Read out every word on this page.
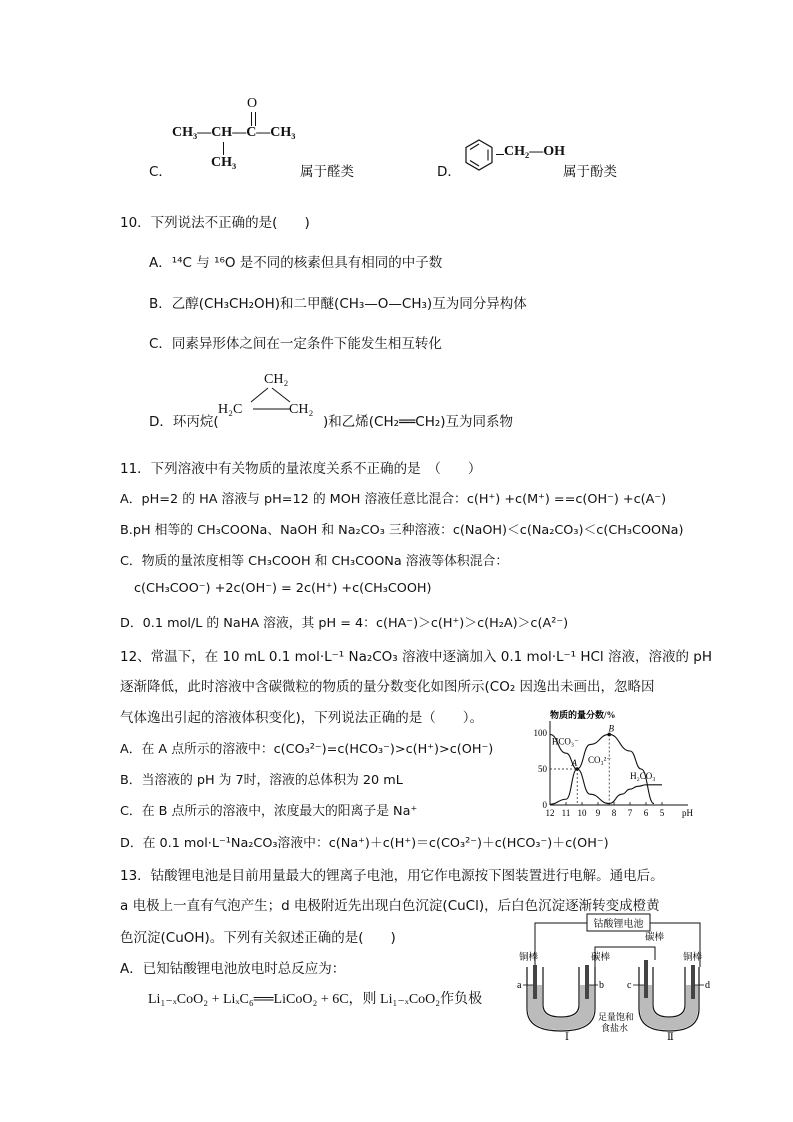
O
CH₃—CH—C—CH₃
CH₃
C．	属于醛类	D．
CH₂—OH
属于酚类
10．下列说法不正确的是(　　)
A．¹⁴C 与 ¹⁶O 是不同的核素但具有相同的中子数
B．乙醇(CH₃CH₂OH)和二甲醚(CH₃—O—CH₃)互为同分异构体
C．同素异形体之间在一定条件下能发生相互转化
D．环丙烷(
CH₂
H₂C	CH₂
)和乙烯(CH₂══CH₂)互为同系物
11．下列溶液中有关物质的量浓度关系不正确的是　（　　）
A．pH=2 的 HA 溶液与 pH=12 的 MOH 溶液任意比混合：c(H⁺) +c(M⁺) ==c(OH⁻) +c(A⁻)
B.pH 相等的 CH₃COONa、NaOH 和 Na₂CO₃ 三种溶液：c(NaOH)＜c(Na₂CO₃)＜c(CH₃COONa)
C．物质的量浓度相等 CH₃COOH 和 CH₃COONa 溶液等体积混合：
c(CH₃COO⁻) +2c(OH⁻) = 2c(H⁺) +c(CH₃COOH)
D．0.1 mol/L 的 NaHA 溶液，其 pH = 4：c(HA⁻)＞c(H⁺)＞c(H₂A)＞c(A²⁻)
12、常温下，在 10 mL 0.1 mol·L⁻¹ Na₂CO₃ 溶液中逐滴加入 0.1 mol·L⁻¹ HCl 溶液，溶液的 pH
逐渐降低，此时溶液中含碳微粒的物质的量分数变化如图所示(CO₂ 因逸出未画出，忽略因
气体逸出引起的溶液体积变化)，下列说法正确的是（　　）。
A．在 A 点所示的溶液中：c(CO₃²⁻)=c(HCO₃⁻)>c(H⁺)>c(OH⁻)
B．当溶液的 pH 为 7时，溶液的总体积为 20 mL
C．在 B 点所示的溶液中，浓度最大的阳离子是 Na⁺
D．在 0.1 mol·L⁻¹Na₂CO₃溶液中：c(Na⁺)＋c(H⁺)＝c(CO₃²⁻)＋c(HCO₃⁻)＋c(OH⁻)
物质的量分数/%
12 11 10 9 8 7 6 5
100
50
0
HCO₃⁻
CO₃²⁻
H₂CO₃
A
B
pH
13．钴酸锂电池是目前用量最大的锂离子电池，用它作电源按下图装置进行电解。通电后。
a 电极上一直有气泡产生；d 电极附近先出现白色沉淀(CuCl)，后白色沉淀逐渐转变成橙黄
色沉淀(CuOH)。下列有关叙述正确的是(　　)
A．已知钴酸锂电池放电时总反应为：
Li₁₋ₓCoO₂ + LiₓC₆══LiCoO₂ + 6C，则 Li₁₋ₓCoO₂作负极
钴酸锂电池
铜棒	碳棒
碳棒
铜棒
a	b c	d
足量饱和
食盐水
Ⅰ	Ⅱ
